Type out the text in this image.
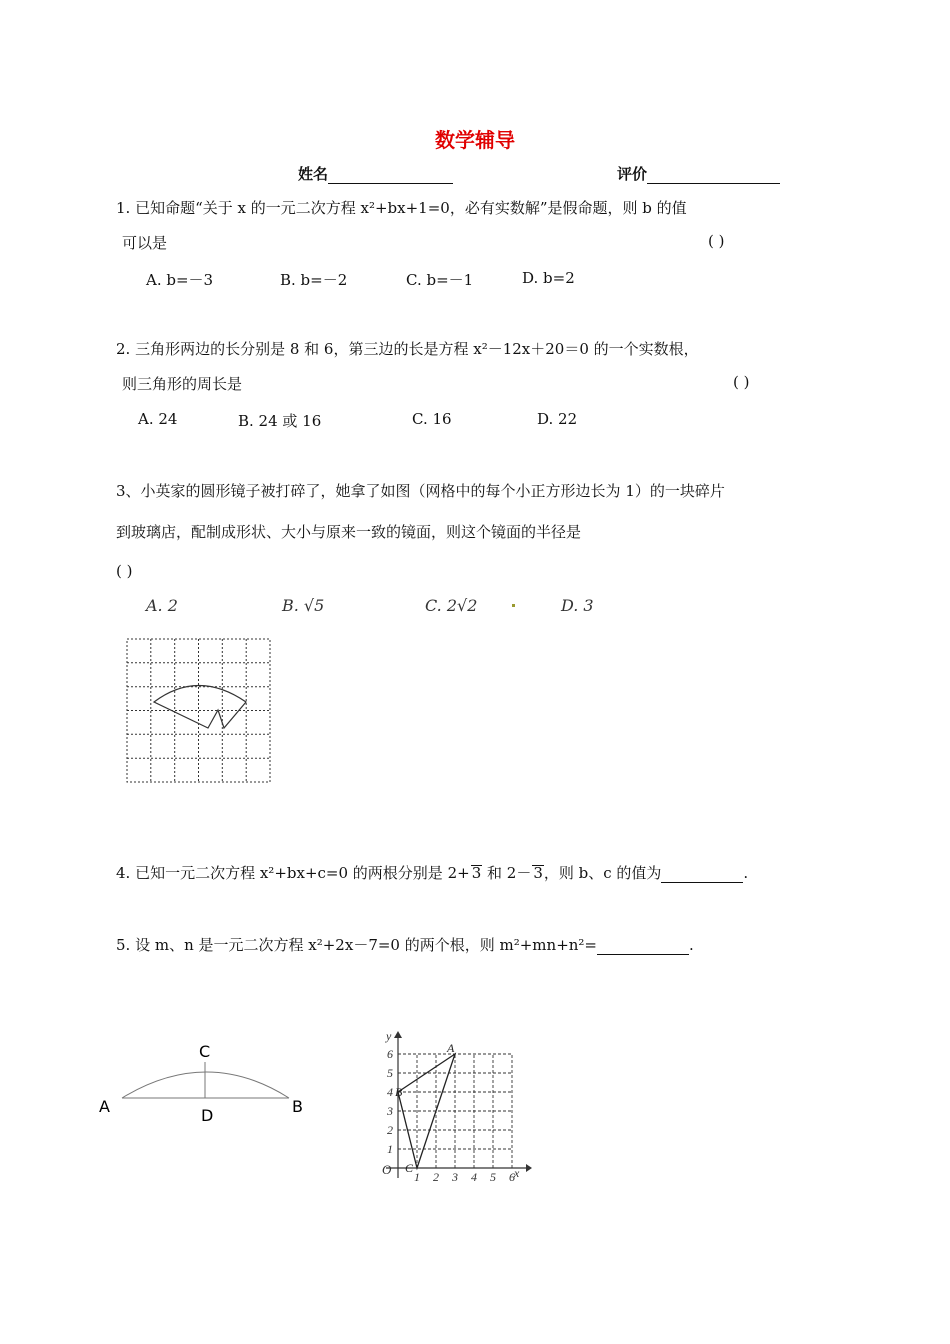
数学辅导
姓名	评价
1. 已知命题“关于 x 的一元二次方程 x²+bx+1=0，必有实数解”是假命题，则 b 的值
可以是	( )
A. b=－3	B. b=－2	C. b=－1	D. b=2
2. 三角形两边的长分别是 8 和 6，第三边的长是方程 x²－12x＋20＝0 的一个实数根，
则三角形的周长是	( )
A. 24	B. 24 或 16	C. 16	D. 22
3、小英家的圆形镜子被打碎了，她拿了如图（网格中的每个小正方形边长为 1）的一块碎片
到玻璃店，配制成形状、大小与原来一致的镜面，则这个镜面的半径是
( )
A. 2	B. √5	C. 2√2	D. 3
4. 已知一元二次方程 x²+bx+c=0 的两根分别是 2+ 3 和 2－ 3，则 b、c 的值为	.
5. 设 m、n 是一元二次方程 x²+2x－7=0 的两个根，则 m²+mn+n²=	.
A	B
C
D
1 2 3 4 5 6
1
2
3
4
5
6	A
B
C
O
y
x
